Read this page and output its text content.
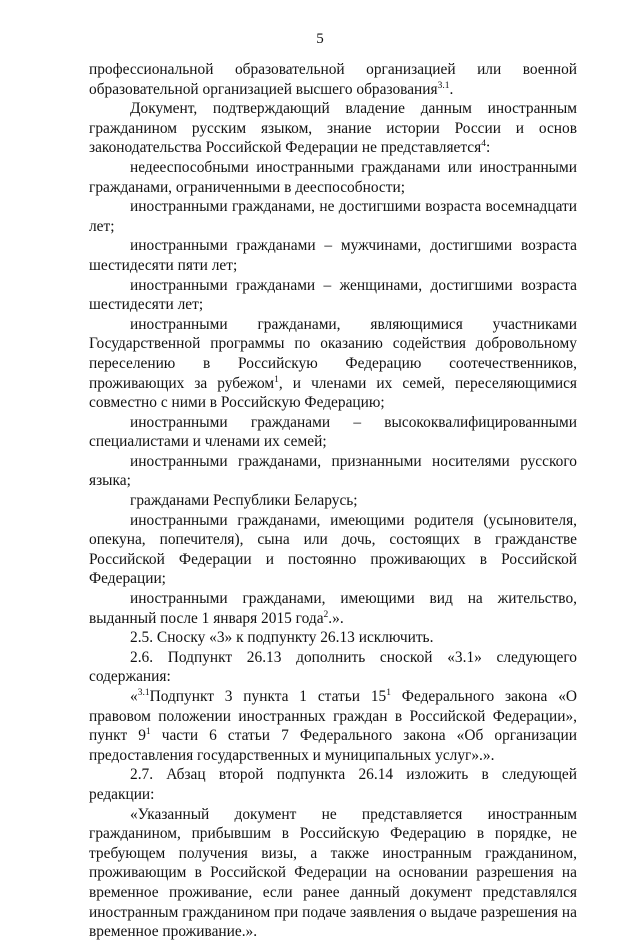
5

профессиональной образовательной организацией или военной образовательной организацией высшего образования$^{3.1}$.

Документ, подтверждающий владение данным иностранным гражданином русским языком, знание истории России и основ законодательства Российской Федерации не представляется$^4$:

недееспособными иностранными гражданами или иностранными гражданами, ограниченными в дееспособности;

иностранными гражданами, не достигшими возраста восемнадцати лет;

иностранными гражданами – мужчинами, достигшими возраста шестидесяти пяти лет;

иностранными гражданами – женщинами, достигшими возраста шестидесяти лет;

иностранными гражданами, являющимися участниками Государственной программы по оказанию содействия добровольному переселению в Российскую Федерацию соотечественников, проживающих за рубежом$^1$, и членами их семей, переселяющимися совместно с ними в Российскую Федерацию;

иностранными гражданами – высококвалифицированными специалистами и членами их семей;

иностранными гражданами, признанными носителями русского языка;

гражданами Республики Беларусь;

иностранными гражданами, имеющими родителя (усыновителя, опекуна, попечителя), сына или дочь, состоящих в гражданстве Российской Федерации и постоянно проживающих в Российской Федерации;

иностранными гражданами, имеющими вид на жительство, выданный после 1 января 2015 года$^2$.».

2.5. Сноску «3» к подпункту 26.13 исключить.

2.6. Подпункт 26.13 дополнить сноской «3.1» следующего содержания:

«$^{3.1}$Подпункт 3 пункта 1 статьи $15^1$ Федерального закона «О правовом положении иностранных граждан в Российской Федерации», пункт $9^1$ части 6 статьи 7 Федерального закона «Об организации предоставления государственных и муниципальных услуг».».

2.7. Абзац второй подпункта 26.14 изложить в следующей редакции:

«Указанный документ не представляется иностранным гражданином, прибывшим в Российскую Федерацию в порядке, не требующем получения визы, а также иностранным гражданином, проживающим в Российской Федерации на основании разрешения на временное проживание, если ранее данный документ представлялся иностранным гражданином при подаче заявления о выдаче разрешения на временное проживание.».
